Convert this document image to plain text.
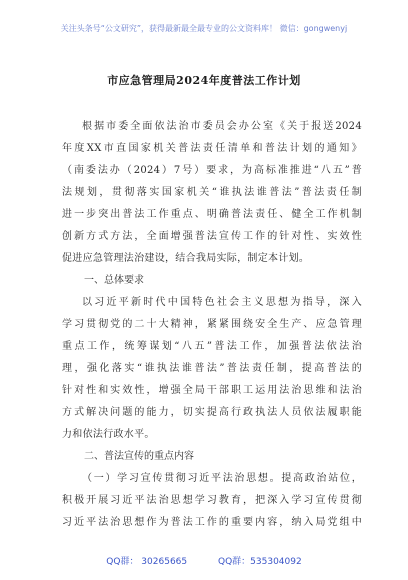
关注头条号“公文研究”，获得最新最全最专业的公文资料库！ 微信：gongwenyj
市应急管理局2024年度普法工作计划
根据市委全面依法治市委员会办公室《关于报送2024
年度XX市直国家机关普法责任清单和普法计划的通知》
（南委法办（2024）7号）要求，为高标准推进“八五”普
法规划，贯彻落实国家机关“谁执法谁普法”普法责任制
进一步突出普法工作重点、明确普法责任、健全工作机制
创新方式方法，全面增强普法宣传工作的针对性、实效性
促进应急管理法治建设，结合我局实际，制定本计划。
一、总体要求
以习近平新时代中国特色社会主义思想为指导，深入
学习贯彻党的二十大精神，紧紧围绕安全生产、应急管理
重点工作，统筹谋划“八五”普法工作，加强普法依法治
理，强化落实“谁执法谁普法”普法责任制，提高普法的
针对性和实效性，增强全局干部职工运用法治思维和法治
方式解决问题的能力，切实提高行政执法人员依法履职能
力和依法行政水平。
二、普法宣传的重点内容
（一）学习宣传贯彻习近平法治思想。提高政治站位，
积极开展习近平法治思想学习教育，把深入学习宣传贯彻
习近平法治思想作为普法工作的重要内容，纳入局党组中
QQ群： 30265665	QQ群：535304092
